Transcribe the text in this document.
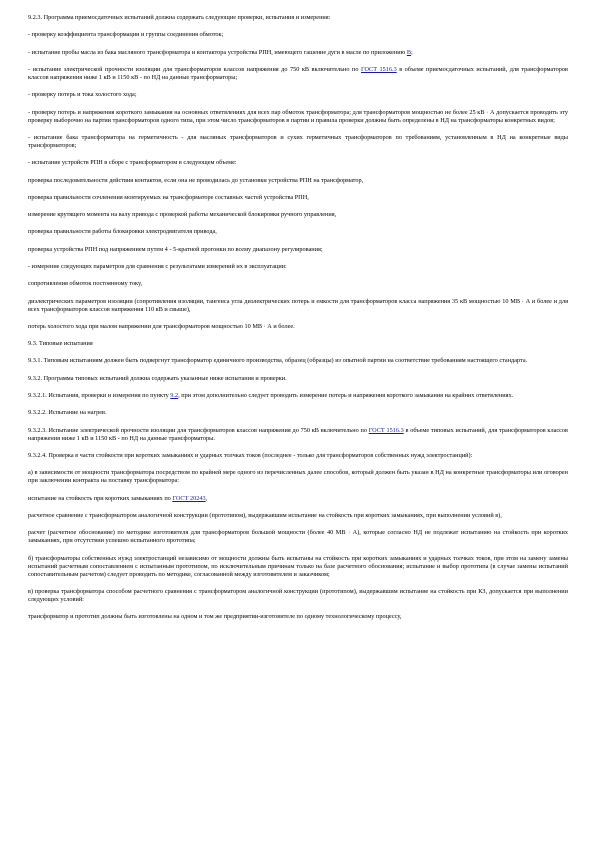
9.2.3. Программа приемосдаточных испытаний должна содержать следующие проверки, испытания и измерения:

- проверку коэффициента трансформации и группы соединения обмоток;

- испытание пробы масла из бака масляного трансформатора и контактора устройства РПН, имеющего гашение дуги в масле по приложению В;

- испытание электрической прочности изоляции для трансформаторов классов напряжения до 750 кВ включительно по ГОСТ 1516.3 в объеме приемосдаточных испытаний, для трансформаторов классов напряжения ниже 1 кВ и 1150 кВ - по НД на данные трансформаторы;

- проверку потерь и тока холостого хода;

- проверку потерь и напряжения короткого замыкания на основных ответвлениях для всех пар обмоток трансформатора; для трансформаторов мощностью не более 25 кВ · А допускается проводить эту проверку выборочно на партии трансформаторов одного типа, при этом число трансформаторов в партии и правила проверки должны быть определены в НД на трансформаторы конкретных видов;

- испытание бака трансформатора на герметичность - для масляных трансформаторов и сухих герметичных трансформаторов по требованиям, установленным в НД на конкретные виды трансформаторов;

- испытание устройств РПН в сборе с трансформатором в следующем объеме:

проверка последовательности действия контактов, если она не проводилась до установки устройства РПН на трансформатор,

проверка правильности сочленения монтируемых на трансформаторе составных частей устройства РПН,

измерение крутящего момента на валу привода с проверкой работы механической блокировки ручного управления,

проверка правильности работы блокировки электродвигателя привода,

проверка устройства РПН под напряжением путем 4 - 5-кратной прогонки по всему диапазону регулирования;

- измерение следующих параметров для сравнения с результатами измерений их в эксплуатации:

сопротивления обмоток постоянному току,

диэлектрических параметров изоляции (сопротивления изоляции, тангенса угла диэлектрических потерь и емкости для трансформаторов класса напряжения 35 кВ мощностью 10 МВ · А и более и для всех трансформаторов классов напряжения 110 кВ и свыше),

потерь холостого хода при малом напряжении для трансформаторов мощностью 10 МВ · А и более.

9.3. Типовые испытания

9.3.1. Типовым испытаниям должен быть подвергнут трансформатор единичного производства, образец (образцы) из опытной партии на соответствие требованиям настоящего стандарта.

9.3.2. Программа типовых испытаний должна содержать указанные ниже испытания и проверки.

9.3.2.1. Испытания, проверки и измерения по пункту 9.2, при этом дополнительно следует проводить измерение потерь и напряжения короткого замыкания на крайних ответвлениях.

9.3.2.2. Испытание на нагрев.

9.3.2.3. Испытание электрической прочности изоляции для трансформаторов классов напряжения до 750 кВ включительно по ГОСТ 1516.3 в объеме типовых испытаний, для трансформаторов классов напряжения ниже 1 кВ и 1150 кВ - по НД на данные трансформаторы.

9.3.2.4. Проверка в части стойкости при коротких замыканиях и ударных толчках токов (последнее - только для трансформаторов собственных нужд электростанций):

а) в зависимости от мощности трансформатора посредством по крайней мере одного из перечисленных далее способов, который должен быть указан в НД на конкретные трансформаторы или оговорен при заключении контракта на поставку трансформатора:

испытание на стойкость при коротких замыканиях по ГОСТ 20243,

расчетное сравнение с трансформатором аналогичной конструкции (прототипом), выдержавшим испытание на стойкость при коротких замыканиях, при выполнении условий в),

расчет (расчетное обоснование) по методике изготовителя для трансформаторов большой мощности (более 40 МВ · А), которые согласно НД не подлежат испытанию на стойкость при коротких замыканиях, при отсутствии успешно испытанного прототипа;

б) трансформаторы собственных нужд электростанций независимо от мощности должны быть испытаны на стойкость при коротких замыканиях и ударных толчках токов, при этом на замену замены испытаний расчетным сопоставлением с испытанным прототипом, по исключительным причинам только на базе расчетного обоснования; испытание и выбор прототипа (в случае замены испытаний сопоставительным расчетом) следует проводить по методике, согласованной между изготовителем и заказчиком;

в) проверка трансформатора способом расчетного сравнения с трансформатором аналогичной конструкции (прототипом), выдержавшим испытание на стойкость при КЗ, допускается при выполнении следующих условий:

трансформатор и прототип должны быть изготовлены на одном и том же предприятии-изготовителе по одному технологическому процессу,
